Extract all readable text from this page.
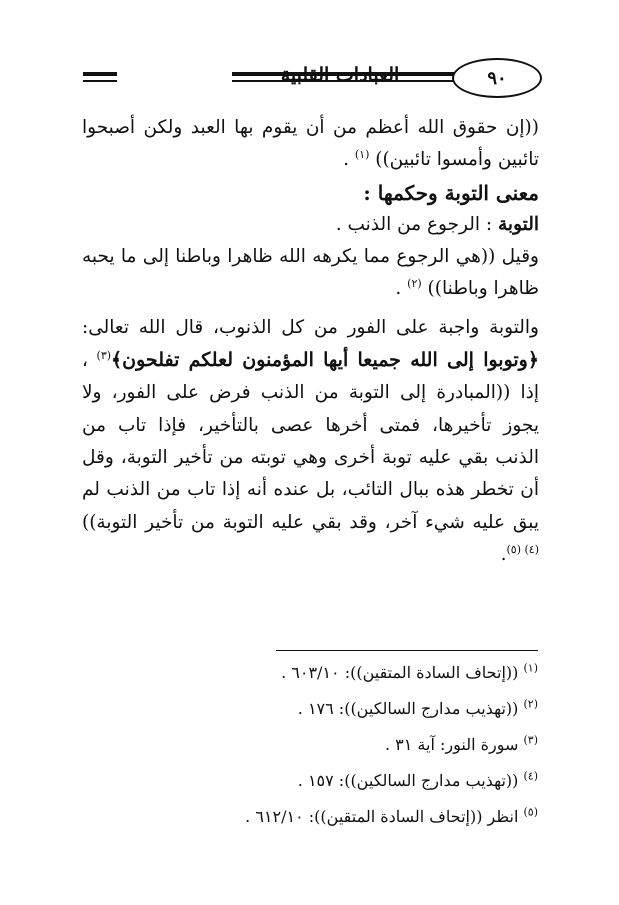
العبادات القلبية	٩٠

((إن حقوق الله أعظم من أن يقوم بها العبد ولكن أصبحوا تائبين وأمسوا تائبين)) $^{(١)}$ .

معنى التوبة وحكمها :

التوبة : الرجوع من الذنب .

وقيل ((هي الرجوع مما يكرهه الله ظاهرا وباطنا إلى ما يحبه ظاهرا وباطنا)) $^{(٢)}$ .

والتوبة واجبة على الفور من كل الذنوب، قال الله تعالى: ﴿وتوبوا إلى الله جميعا أيها المؤمنون لعلكم تفلحون﴾$^{(٣)}$ ، إذا ((المبادرة إلى التوبة من الذنب فرض على الفور، ولا يجوز تأخيرها، فمتى أخرها عصى بالتأخير، فإذا تاب من الذنب بقي عليه توبة أخرى وهي توبته من تأخير التوبة، وقل أن تخطر هذه ببال التائب، بل عنده أنه إذا تاب من الذنب لم يبق عليه شيء آخر، وقد بقي عليه التوبة من تأخير التوبة)) $^{(٤) (٥)}$.

$^{(١)}$ ((إتحاف السادة المتقين)): ٦٠٣/١٠ .

$^{(٢)}$ ((تهذيب مدارج السالكين)): ١٧٦ .

$^{(٣)}$ سورة النور: آية ٣١ .

$^{(٤)}$ ((تهذيب مدارج السالكين)): ١٥٧ .

$^{(٥)}$ انظر ((إتحاف السادة المتقين)): ٦١٢/١٠ .
